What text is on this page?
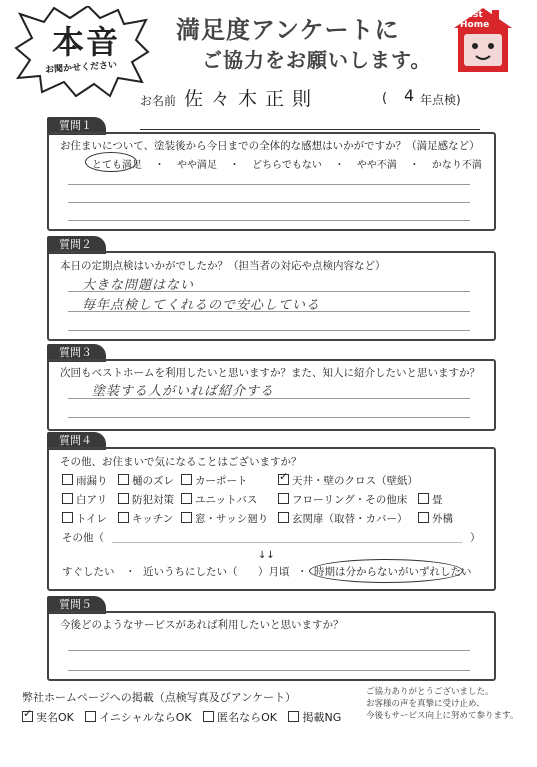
本音
お聞かせください
満足度アンケートに
ご協力をお願いします。
Best
Home
お名前 佐々木正則	( 4 年点検)
質問１
お住まいについて、塗装後から今日までの全体的な感想はいかがですか？（満足感など）
とても満足 ・ やや満足 ・ どちらでもない ・ やや不満 ・ かなり不満
質問２
本日の定期点検はいかがでしたか？（担当者の対応や点検内容など）
大きな問題はない
毎年点検してくれるので安心している
質問３
次回もベストホームを利用したいと思いますか？また、知人に紹介したいと思いますか？
塗装する人がいれば紹介する
質問４
その他、お住まいで気になることはございますか？
雨漏り	樋のズレ	カーポート
✓	天井・壁のクロス（壁紙）
白アリ	防犯対策	ユニットバス	フローリング・その他床	畳
トイレ	キッチン	窓・サッシ廻り	玄関扉（取替・カバー）	外構
その他（	）
↓↓
すぐしたい ・ 近いうちにしたい（ ）月頃 ・ 時期は分からないがいずれしたい
質問５
今後どのようなサービスがあれば利用したいと思いますか？
弊社ホームページへの掲載（点検写真及びアンケート）
✓実名OK イニシャルならOK 匿名ならOK 掲載NG
ご協力ありがとうございました。
お客様の声を真摯に受け止め、
今後もサービス向上に努めて参ります。
